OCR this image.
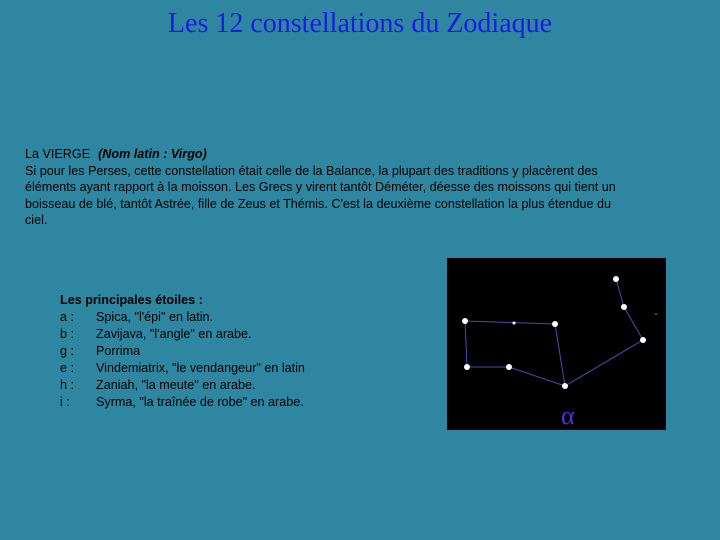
Les 12 constellations du Zodiaque
La VIERGE (Nom latin : Virgo)
Si pour les Perses, cette constellation était celle de la Balance, la plupart des traditions y placèrent des
éléments ayant rapport à la moisson. Les Grecs y virent tantôt Déméter, déesse des moissons qui tient un
boisseau de blé, tantôt Astrée, fille de Zeus et Thémis. C'est la deuxième constellation la plus étendue du
ciel.
Les principales étoiles :
a :	Spica, "l'épi" en latin.
b :	Zavijava, "l'angle" en arabe.
g :	Porrima
e :	Vindemiatrix, "le vendangeur" en latin
h :	Zaniah, "la meute" en arabe.
i :	Syrma, "la traînée de robe" en arabe.	α
